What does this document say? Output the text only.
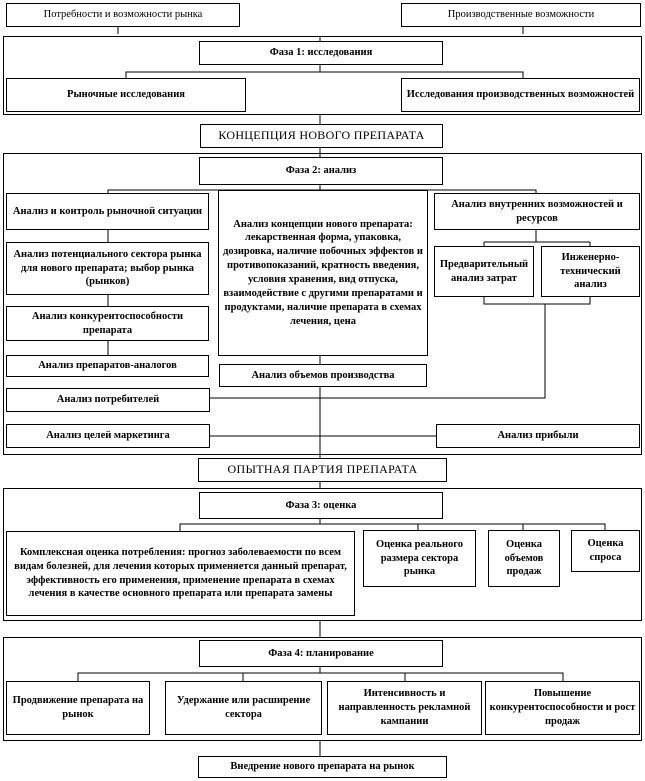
Потребности и возможности рынка	Производственные возможности
Фаза 1: исследования
Рыночные исследования	Исследования производственных возможностей
КОНЦЕПЦИЯ НОВОГО ПРЕПАРАТА
Фаза 2: анализ
Анализ и контроль рыночной ситуации
Анализ потенциального сектора рынка для нового препарата; выбор рынка (рынков)
Анализ конкурентоспособности препарата
Анализ препаратов-аналогов
Анализ потребителей
Анализ целей маркетинга
Анализ концепции нового препарата: лекарственная форма, упаковка, дозировка, наличие побочных эффектов и противопоказаний, кратность введения, условия хранения, вид отпуска, взаимодействие с другими препаратами и продуктами, наличие препарата в схемах лечения, цена
Анализ объемов производства
Анализ внутренних возможностей и ресурсов
Предварительный анализ затрат
Инженерно-технический анализ
Анализ прибыли
ОПЫТНАЯ ПАРТИЯ ПРЕПАРАТА
Фаза 3: оценка
Комплексная оценка потребления: прогноз заболеваемости по всем видам болезней, для лечения которых применяется данный препарат, эффективность его применения, применение препарата в схемах лечения в качестве основного препарата или препарата замены
Оценка реального размера сектора рынка
Оценка объемов продаж
Оценка спроса
Фаза 4: планирование
Продвижение препарата на рынок
Удержание или расширение сектора
Интенсивность и направленность рекламной кампании
Повышение конкурентоспособности и рост продаж
Внедрение нового препарата на рынок
